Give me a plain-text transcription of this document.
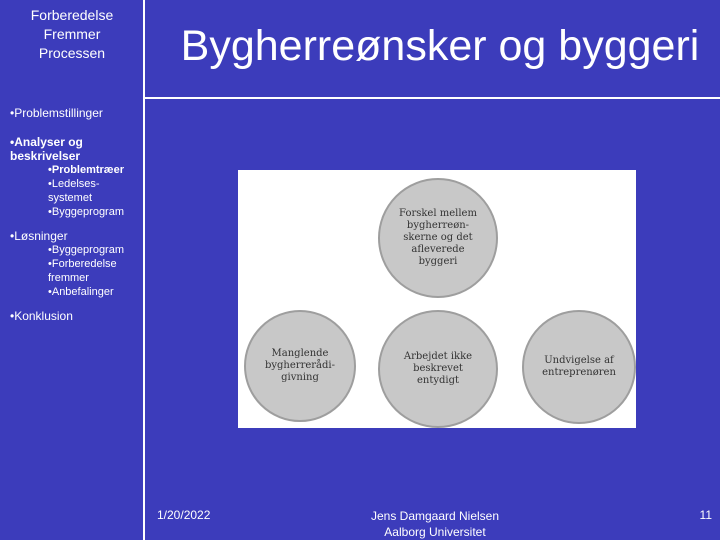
Forberedelse
Fremmer
Processen	Bygherreønsker og byggeri
•Problemstillinger
•Analyser og beskrivelser
•Problemtræer
•Ledelses-systemet
•Byggeprogram
•Løsninger
•Byggeprogram
•Forberedelse fremmer
•Anbefalinger
•Konklusion
Forskel mellem
bygherreøn-
skerne og det
afleverede
byggeri
Manglende
bygherrerådi-
givning
Arbejdet ikke
beskrevet
entydigt
Undvigelse af
entreprenøren
1/20/2022	Jens Damgaard Nielsen
Aalborg Universitet
11
